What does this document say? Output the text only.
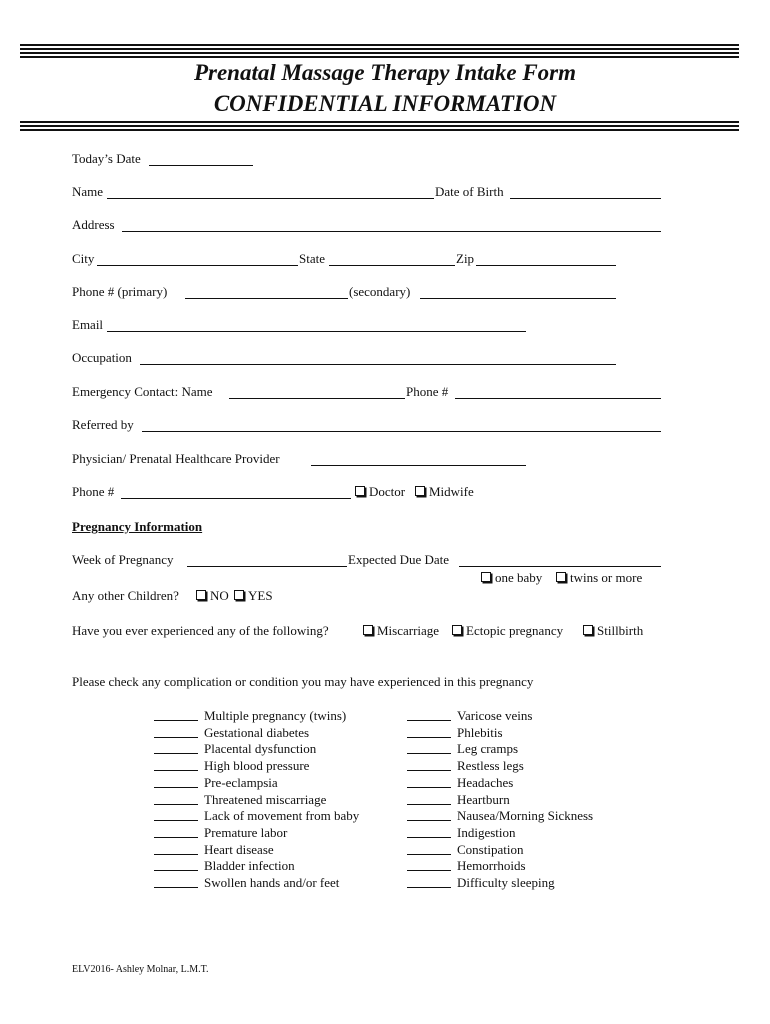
Prenatal Massage Therapy Intake Form
CONFIDENTIAL INFORMATION
Today’s Date
Name	Date of Birth
Address
City	State	Zip
Phone # (primary)	(secondary)
Email
Occupation
Emergency Contact: Name	Phone #
Referred by
Physician/ Prenatal Healthcare Provider
Phone #	Doctor	Midwife
Pregnancy Information
Week of Pregnancy	Expected Due Date
one baby	twins or more
Any other Children?	NO	YES
Have you ever experienced any of the following?	Miscarriage	Ectopic pregnancy	Stillbirth
Please check any complication or condition you may have experienced in this pregnancy
Multiple pregnancy (twins)
Gestational diabetes
Placental dysfunction
High blood pressure
Pre-eclampsia
Threatened miscarriage
Lack of movement from baby
Premature labor
Heart disease
Bladder infection
Swollen hands and/or feet
Varicose veins
Phlebitis
Leg cramps
Restless legs
Headaches
Heartburn
Nausea/Morning Sickness
Indigestion
Constipation
Hemorrhoids
Difficulty sleeping
ELV2016- Ashley Molnar, L.M.T.
